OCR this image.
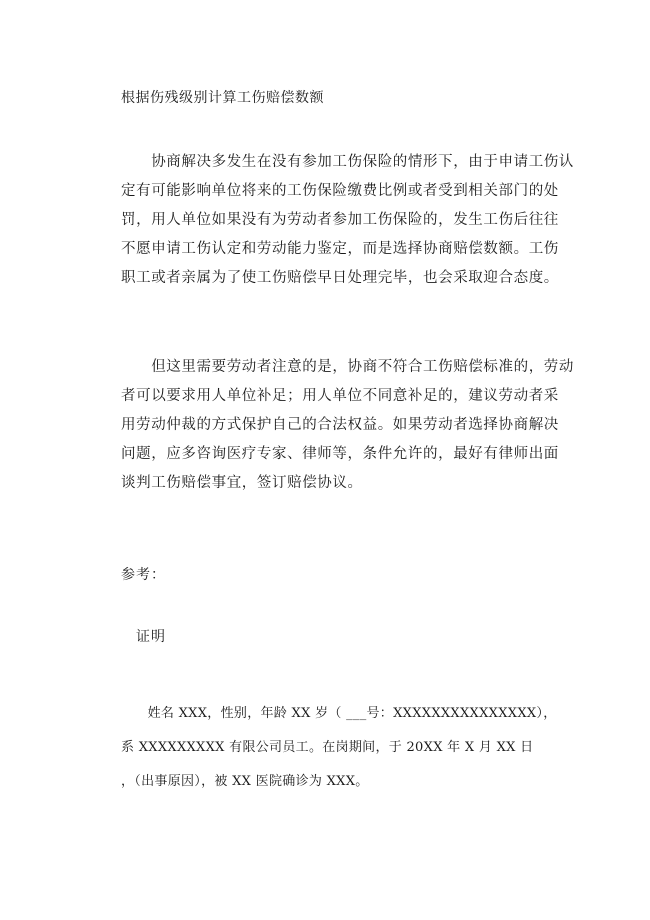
根据伤残级别计算工伤赔偿数额

　　协商解决多发生在没有参加工伤保险的情形下，由于申请工伤认
定有可能影响单位将来的工伤保险缴费比例或者受到相关部门的处
罚，用人单位如果没有为劳动者参加工伤保险的，发生工伤后往往
不愿申请工伤认定和劳动能力鉴定，而是选择协商赔偿数额。工伤
职工或者亲属为了使工伤赔偿早日处理完毕，也会采取迎合态度。

　　但这里需要劳动者注意的是，协商不符合工伤赔偿标准的，劳动
者可以要求用人单位补足；用人单位不同意补足的，建议劳动者采
用劳动仲裁的方式保护自己的合法权益。如果劳动者选择协商解决
问题，应多咨询医疗专家、律师等，条件允许的，最好有律师出面
谈判工伤赔偿事宜，签订赔偿协议。

参考：
证明

　　姓名 XXX，性别，年龄 XX 岁（ ___号：XXXXXXXXXXXXXXX），
系 XXXXXXXXX 有限公司员工。在岗期间，于 20XX 年 X 月 XX 日
，（出事原因），被 XX 医院确诊为 XXX。
